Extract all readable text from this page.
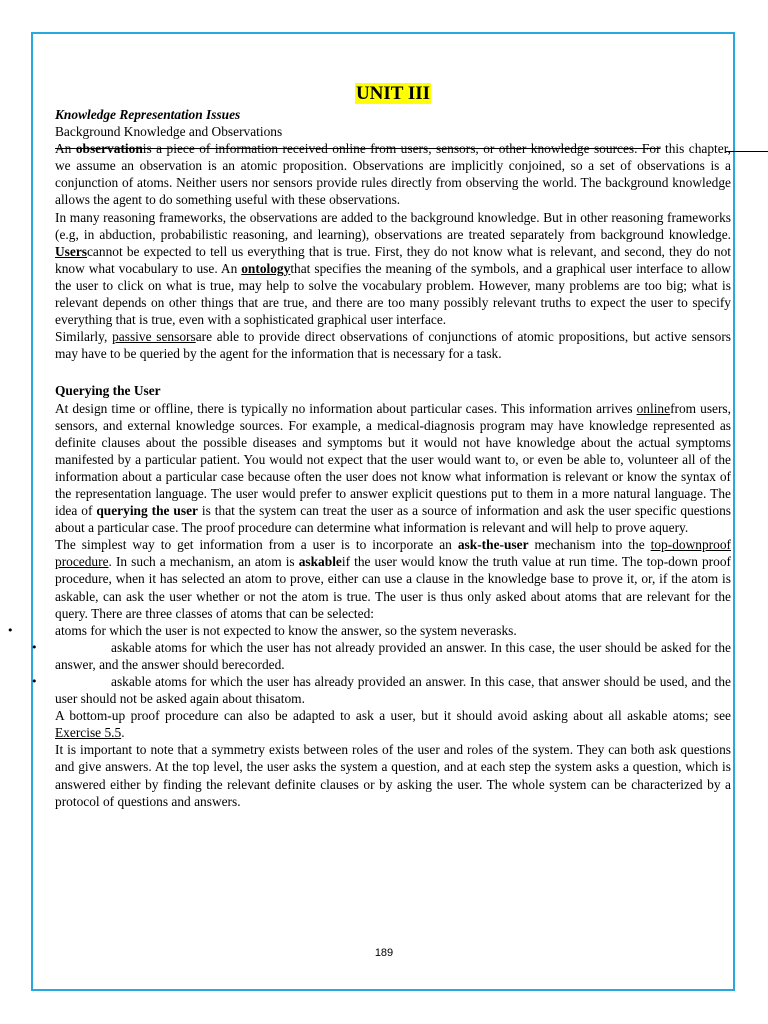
UNIT III

Knowledge Representation Issues

Background Knowledge and Observations

An observationis a piece of information received online from users, sensors, or other knowledge sources. For this chapter, we assume an observation is an atomic proposition. Observations are implicitly conjoined, so a set of observations is a conjunction of atoms. Neither users nor sensors provide rules directly from observing the world. The background knowledge allows the agent to do something useful with these observations.

In many reasoning frameworks, the observations are added to the background knowledge. But in other reasoning frameworks (e.g, in abduction, probabilistic reasoning, and learning), observations are treated separately from background knowledge. Userscannot be expected to tell us everything that is true. First, they do not know what is relevant, and second, they do not know what vocabulary to use. An ontologythat specifies the meaning of the symbols, and a graphical user interface to allow the user to click on what is true, may help to solve the vocabulary problem. However, many problems are too big; what is relevant depends on other things that are true, and there are too many possibly relevant truths to expect the user to specify everything that is true, even with a sophisticated graphical user interface.

Similarly, passive sensorsare able to provide direct observations of conjunctions of atomic propositions, but active sensors may have to be queried by the agent for the information that is necessary for a task.

Querying the User

At design time or offline, there is typically no information about particular cases. This information arrives onlinefrom users, sensors, and external knowledge sources. For example, a medical-diagnosis program may have knowledge represented as definite clauses about the possible diseases and symptoms but it would not have knowledge about the actual symptoms manifested by a particular patient. You would not expect that the user would want to, or even be able to, volunteer all of the information about a particular case because often the user does not know what information is relevant or know the syntax of the representation language. The user would prefer to answer explicit questions put to them in a more natural language. The idea of querying the user is that the system can treat the user as a source of information and ask the user specific questions about a particular case. The proof procedure can determine what information is relevant and will help to prove aquery.

The simplest way to get information from a user is to incorporate an ask-the-user mechanism into the top-downproof procedure. In such a mechanism, an atom is askableif the user would know the truth value at run time. The top-down proof procedure, when it has selected an atom to prove, either can use a clause in the knowledge base to prove it, or, if the atom is askable, can ask the user whether or not the atom is true. The user is thus only asked about atoms that are relevant for the query. There are three classes of atoms that can be selected:

•	atoms for which the user is not expected to know the answer, so the system neverasks.

•	askable atoms for which the user has not already provided an answer. In this case, the user should be asked for the answer, and the answer should berecorded.

•	askable atoms for which the user has already provided an answer. In this case, that answer should be used, and the user should not be asked again about thisatom.

A bottom-up proof procedure can also be adapted to ask a user, but it should avoid asking about all askable atoms; see Exercise 5.5.

It is important to note that a symmetry exists between roles of the user and roles of the system. They can both ask questions and give answers. At the top level, the user asks the system a question, and at each step the system asks a question, which is answered either by finding the relevant definite clauses or by asking the user. The whole system can be characterized by a protocol of questions and answers.

189
